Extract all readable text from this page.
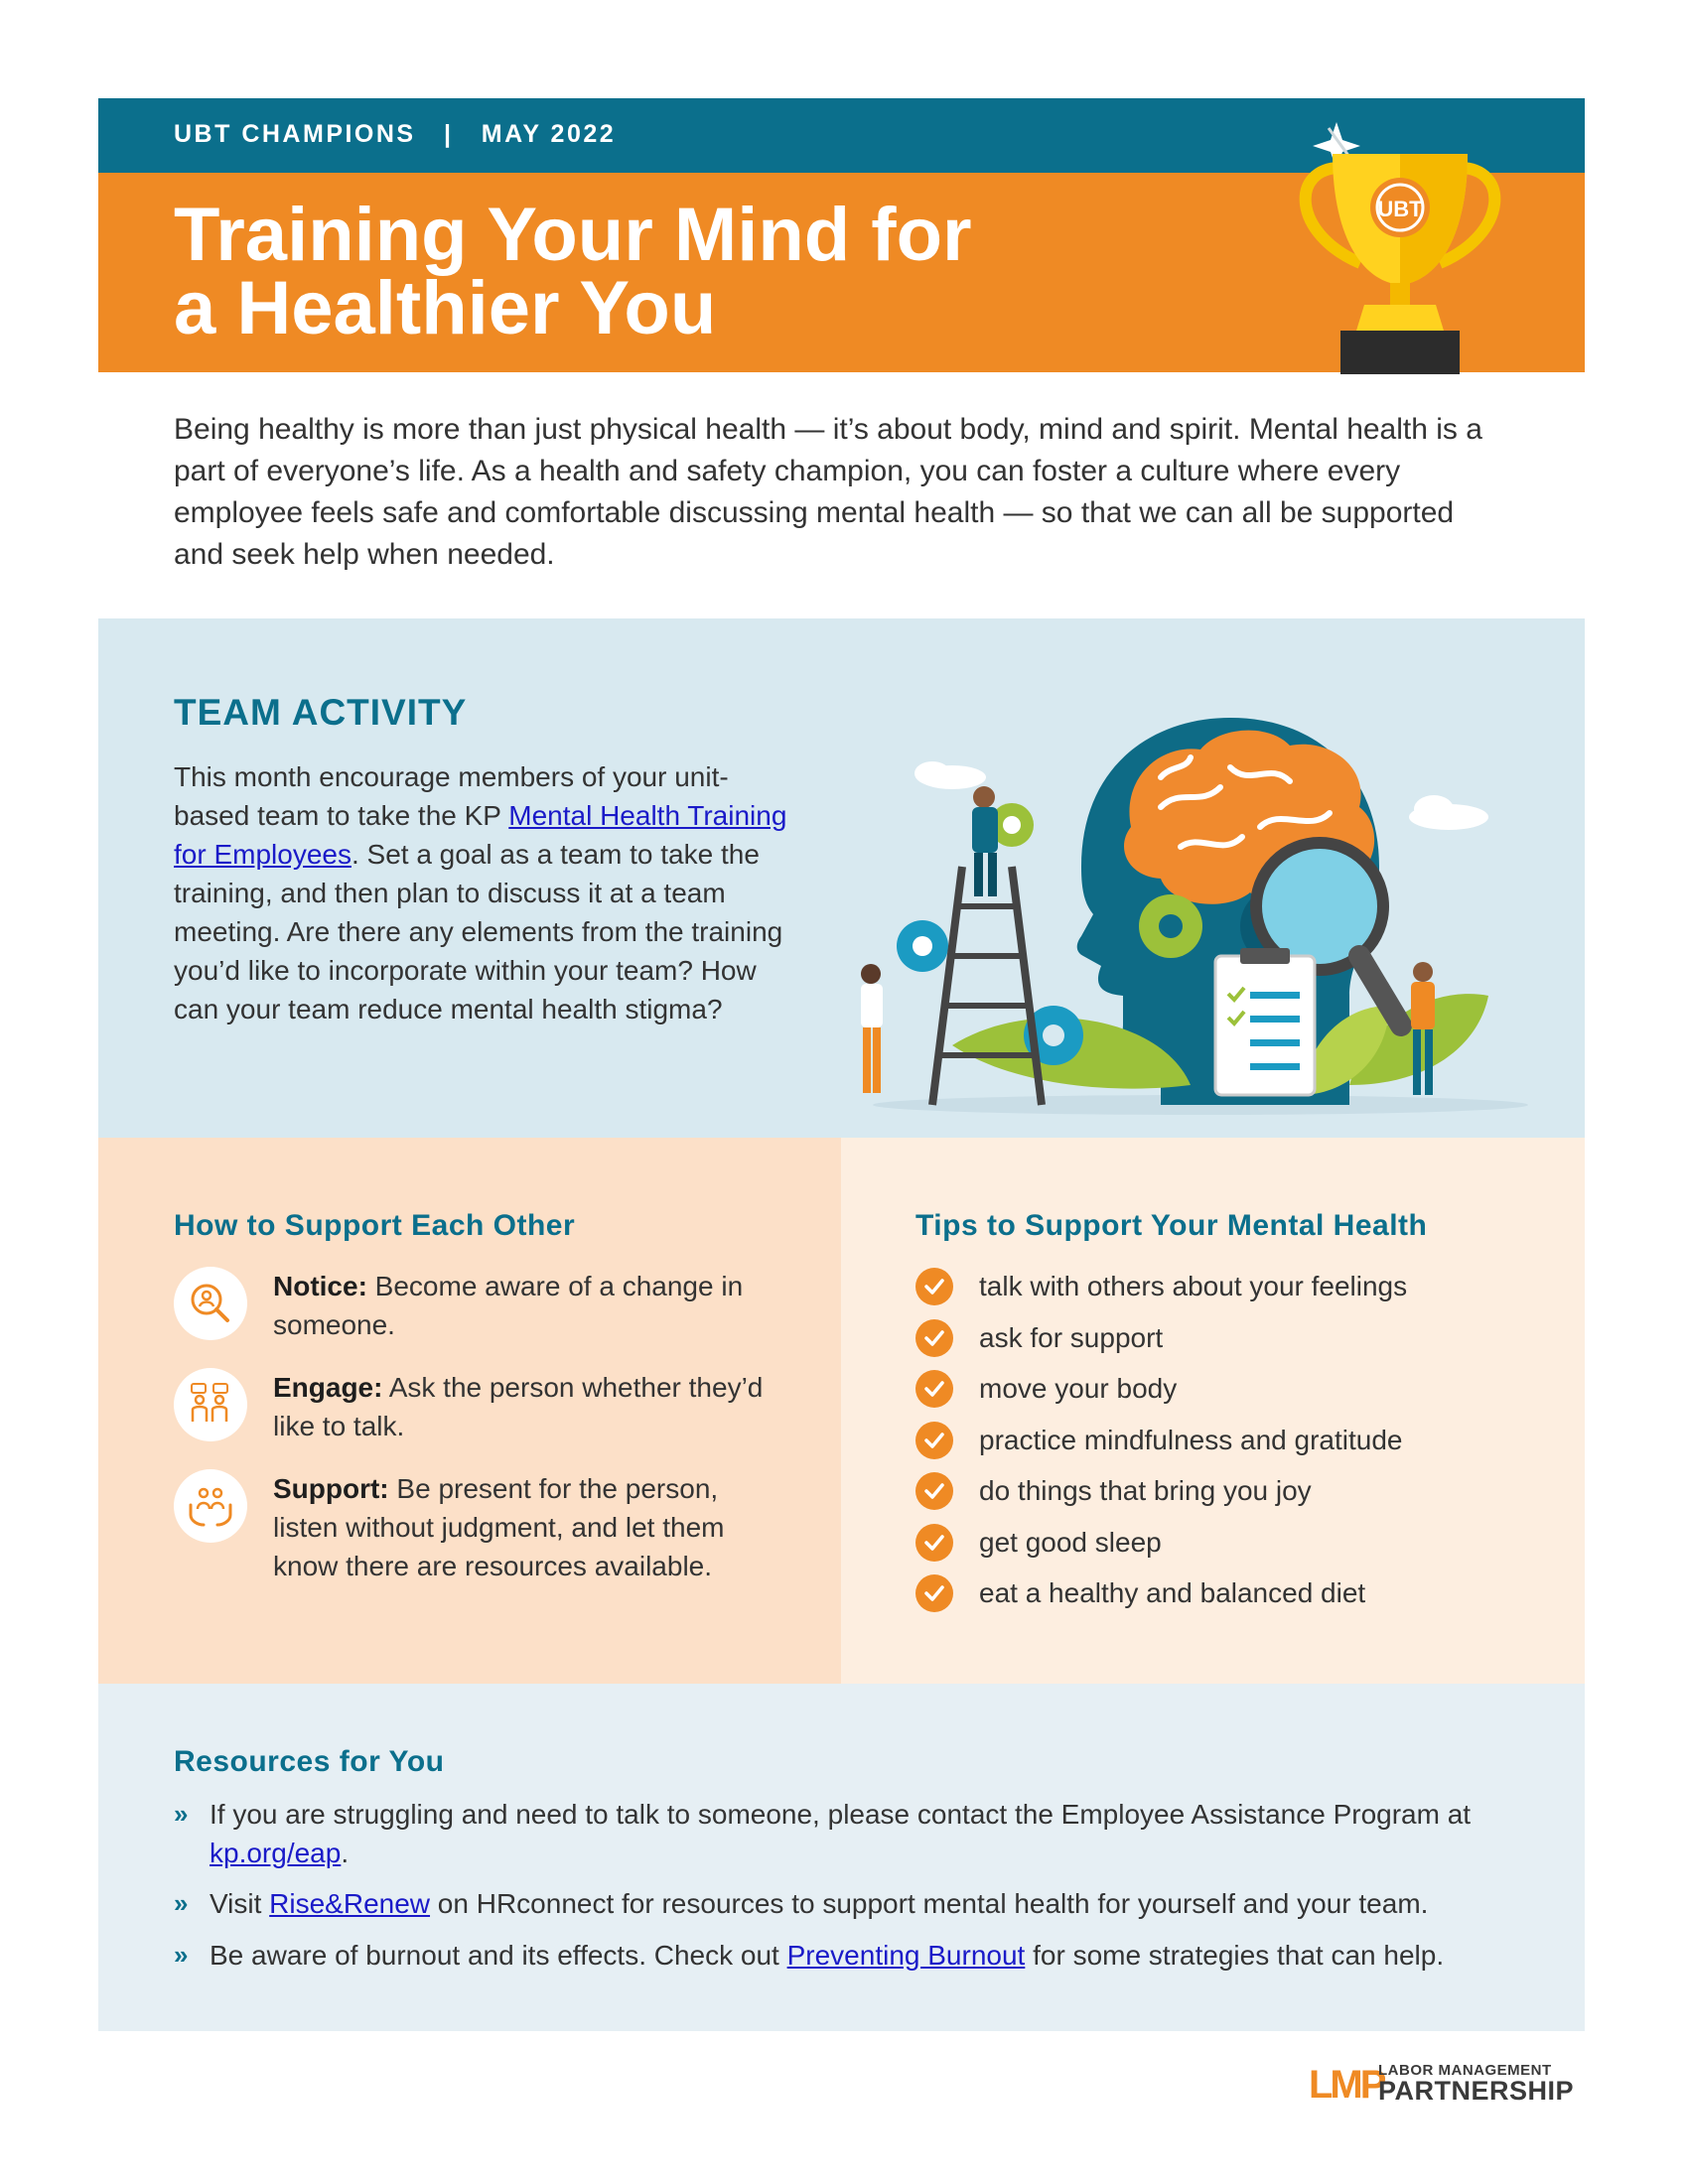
UBT CHAMPIONS | MAY 2022
Training Your Mind for
a Healthier You
UBT

Being healthy is more than just physical health — it’s about body, mind and spirit. Mental health is a part of everyone’s life. As a health and safety champion, you can foster a culture where every employee feels safe and comfortable discussing mental health — so that we can all be supported and seek help when needed.

TEAM ACTIVITY

This month encourage members of your unit-based team to take the KP Mental Health Training for Employees. Set a goal as a team to take the training, and then plan to discuss it at a team meeting. Are there any elements from the training you’d like to incorporate within your team? How can your team reduce mental health stigma?

How to Support Each Other
Notice: Become aware of a change in someone.
Engage: Ask the person whether they’d like to talk.
Support: Be present for the person, listen without judgment, and let them know there are resources available.
Tips to Support Your Mental Health
talk with others about your feelings
ask for support
move your body
practice mindfulness and gratitude
do things that bring you joy
get good sleep
eat a healthy and balanced diet
Resources for You
» If you are struggling and need to talk to someone, please contact the Employee Assistance Program at kp.org/eap.
» Visit Rise&Renew on HRconnect for resources to support mental health for yourself and your team.
» Be aware of burnout and its effects. Check out Preventing Burnout for some strategies that can help.
LMP
LABOR MANAGEMENT
PARTNERSHIP
